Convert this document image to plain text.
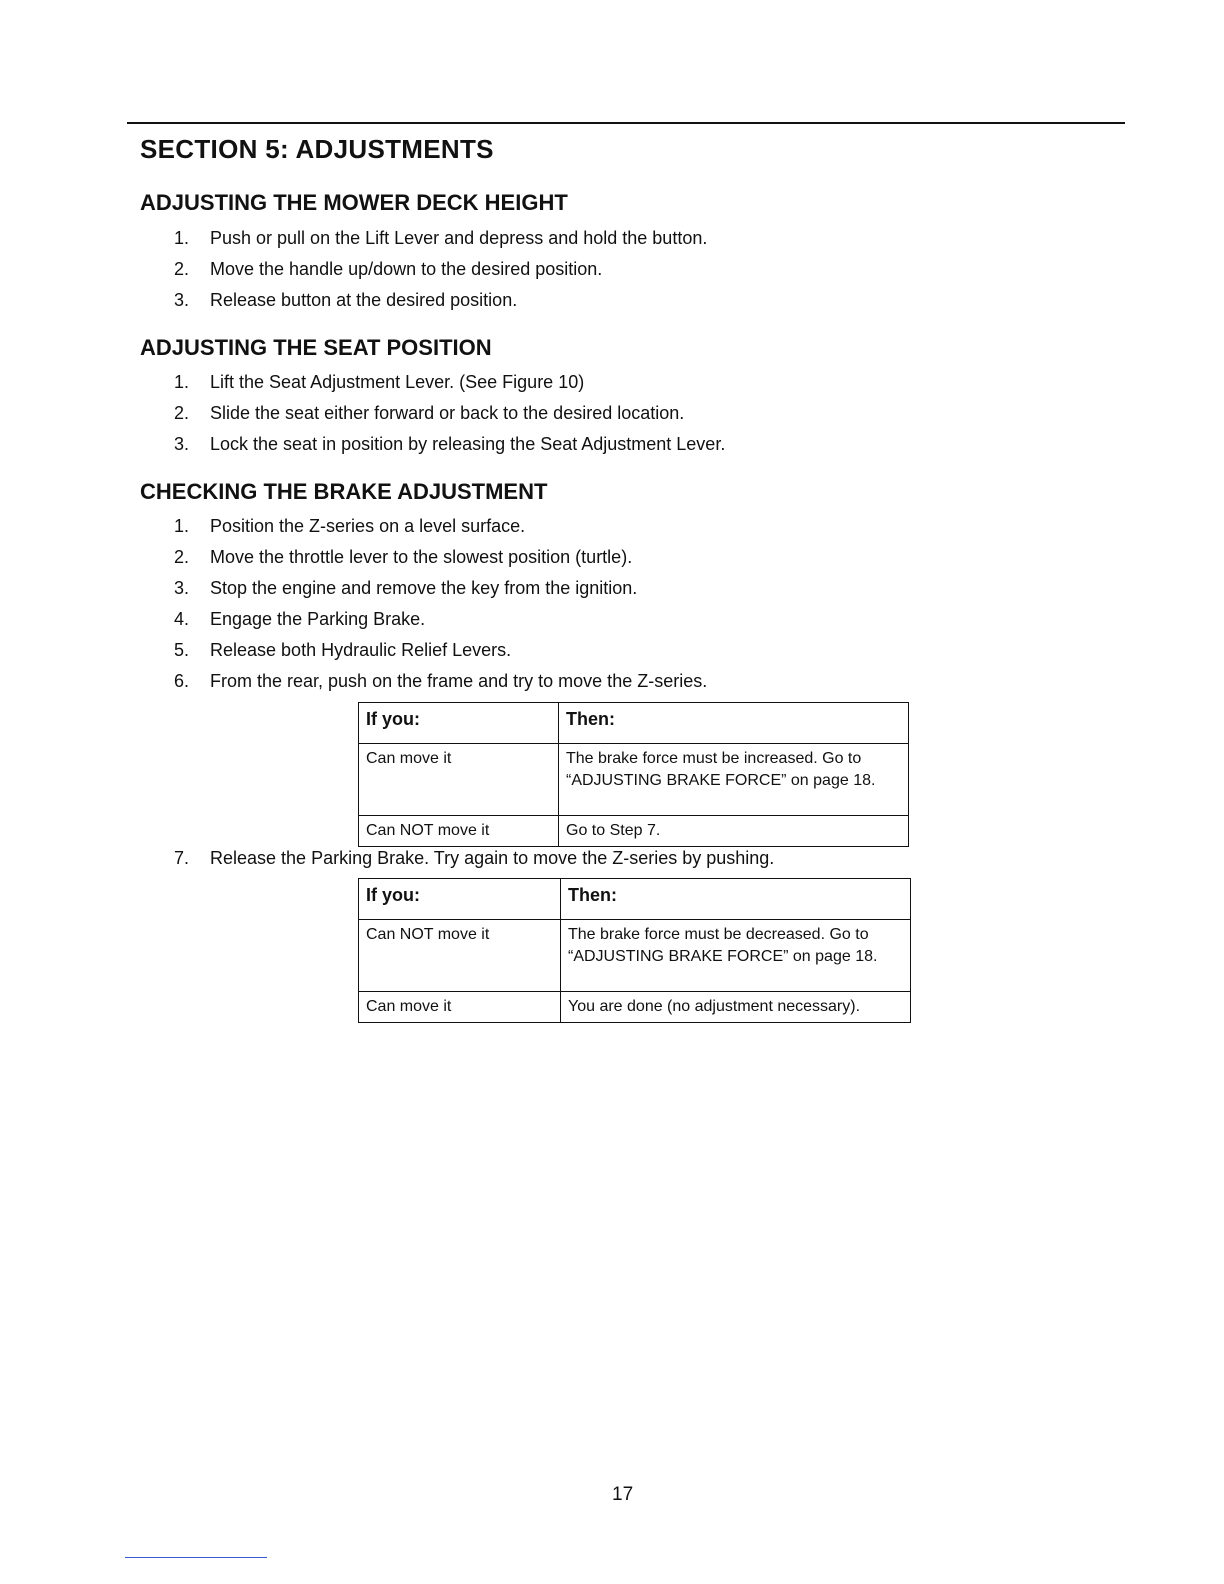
SECTION 5: ADJUSTMENTS
ADJUSTING THE MOWER DECK HEIGHT
1.	Push or pull on the Lift Lever and depress and hold the button.
2.	Move the handle up/down to the desired position.
3.	Release button at the desired position.
ADJUSTING THE SEAT POSITION
1.	Lift the Seat Adjustment Lever. (See Figure 10)
2.	Slide the seat either forward or back to the desired location.
3.	Lock the seat in position by releasing the Seat Adjustment Lever.
CHECKING THE BRAKE ADJUSTMENT
1.	Position the Z-series on a level surface.
2.	Move the throttle lever to the slowest position (turtle).
3.	Stop the engine and remove the key from the ignition.
4.	Engage the Parking Brake.
5.	Release both Hydraulic Relief Levers.
6.	From the rear, push on the frame and try to move the Z-series.
If you:	Then:
Can move it	The brake force must be increased. Go to “ADJUSTING BRAKE FORCE” on page 18.
Can NOT move it	Go to Step 7.
7.	Release the Parking Brake. Try again to move the Z-series by pushing.
If you:	Then:
Can NOT move it	The brake force must be decreased. Go to “ADJUSTING BRAKE FORCE” on page 18.
Can move it	You are done (no adjustment necessary).
17
